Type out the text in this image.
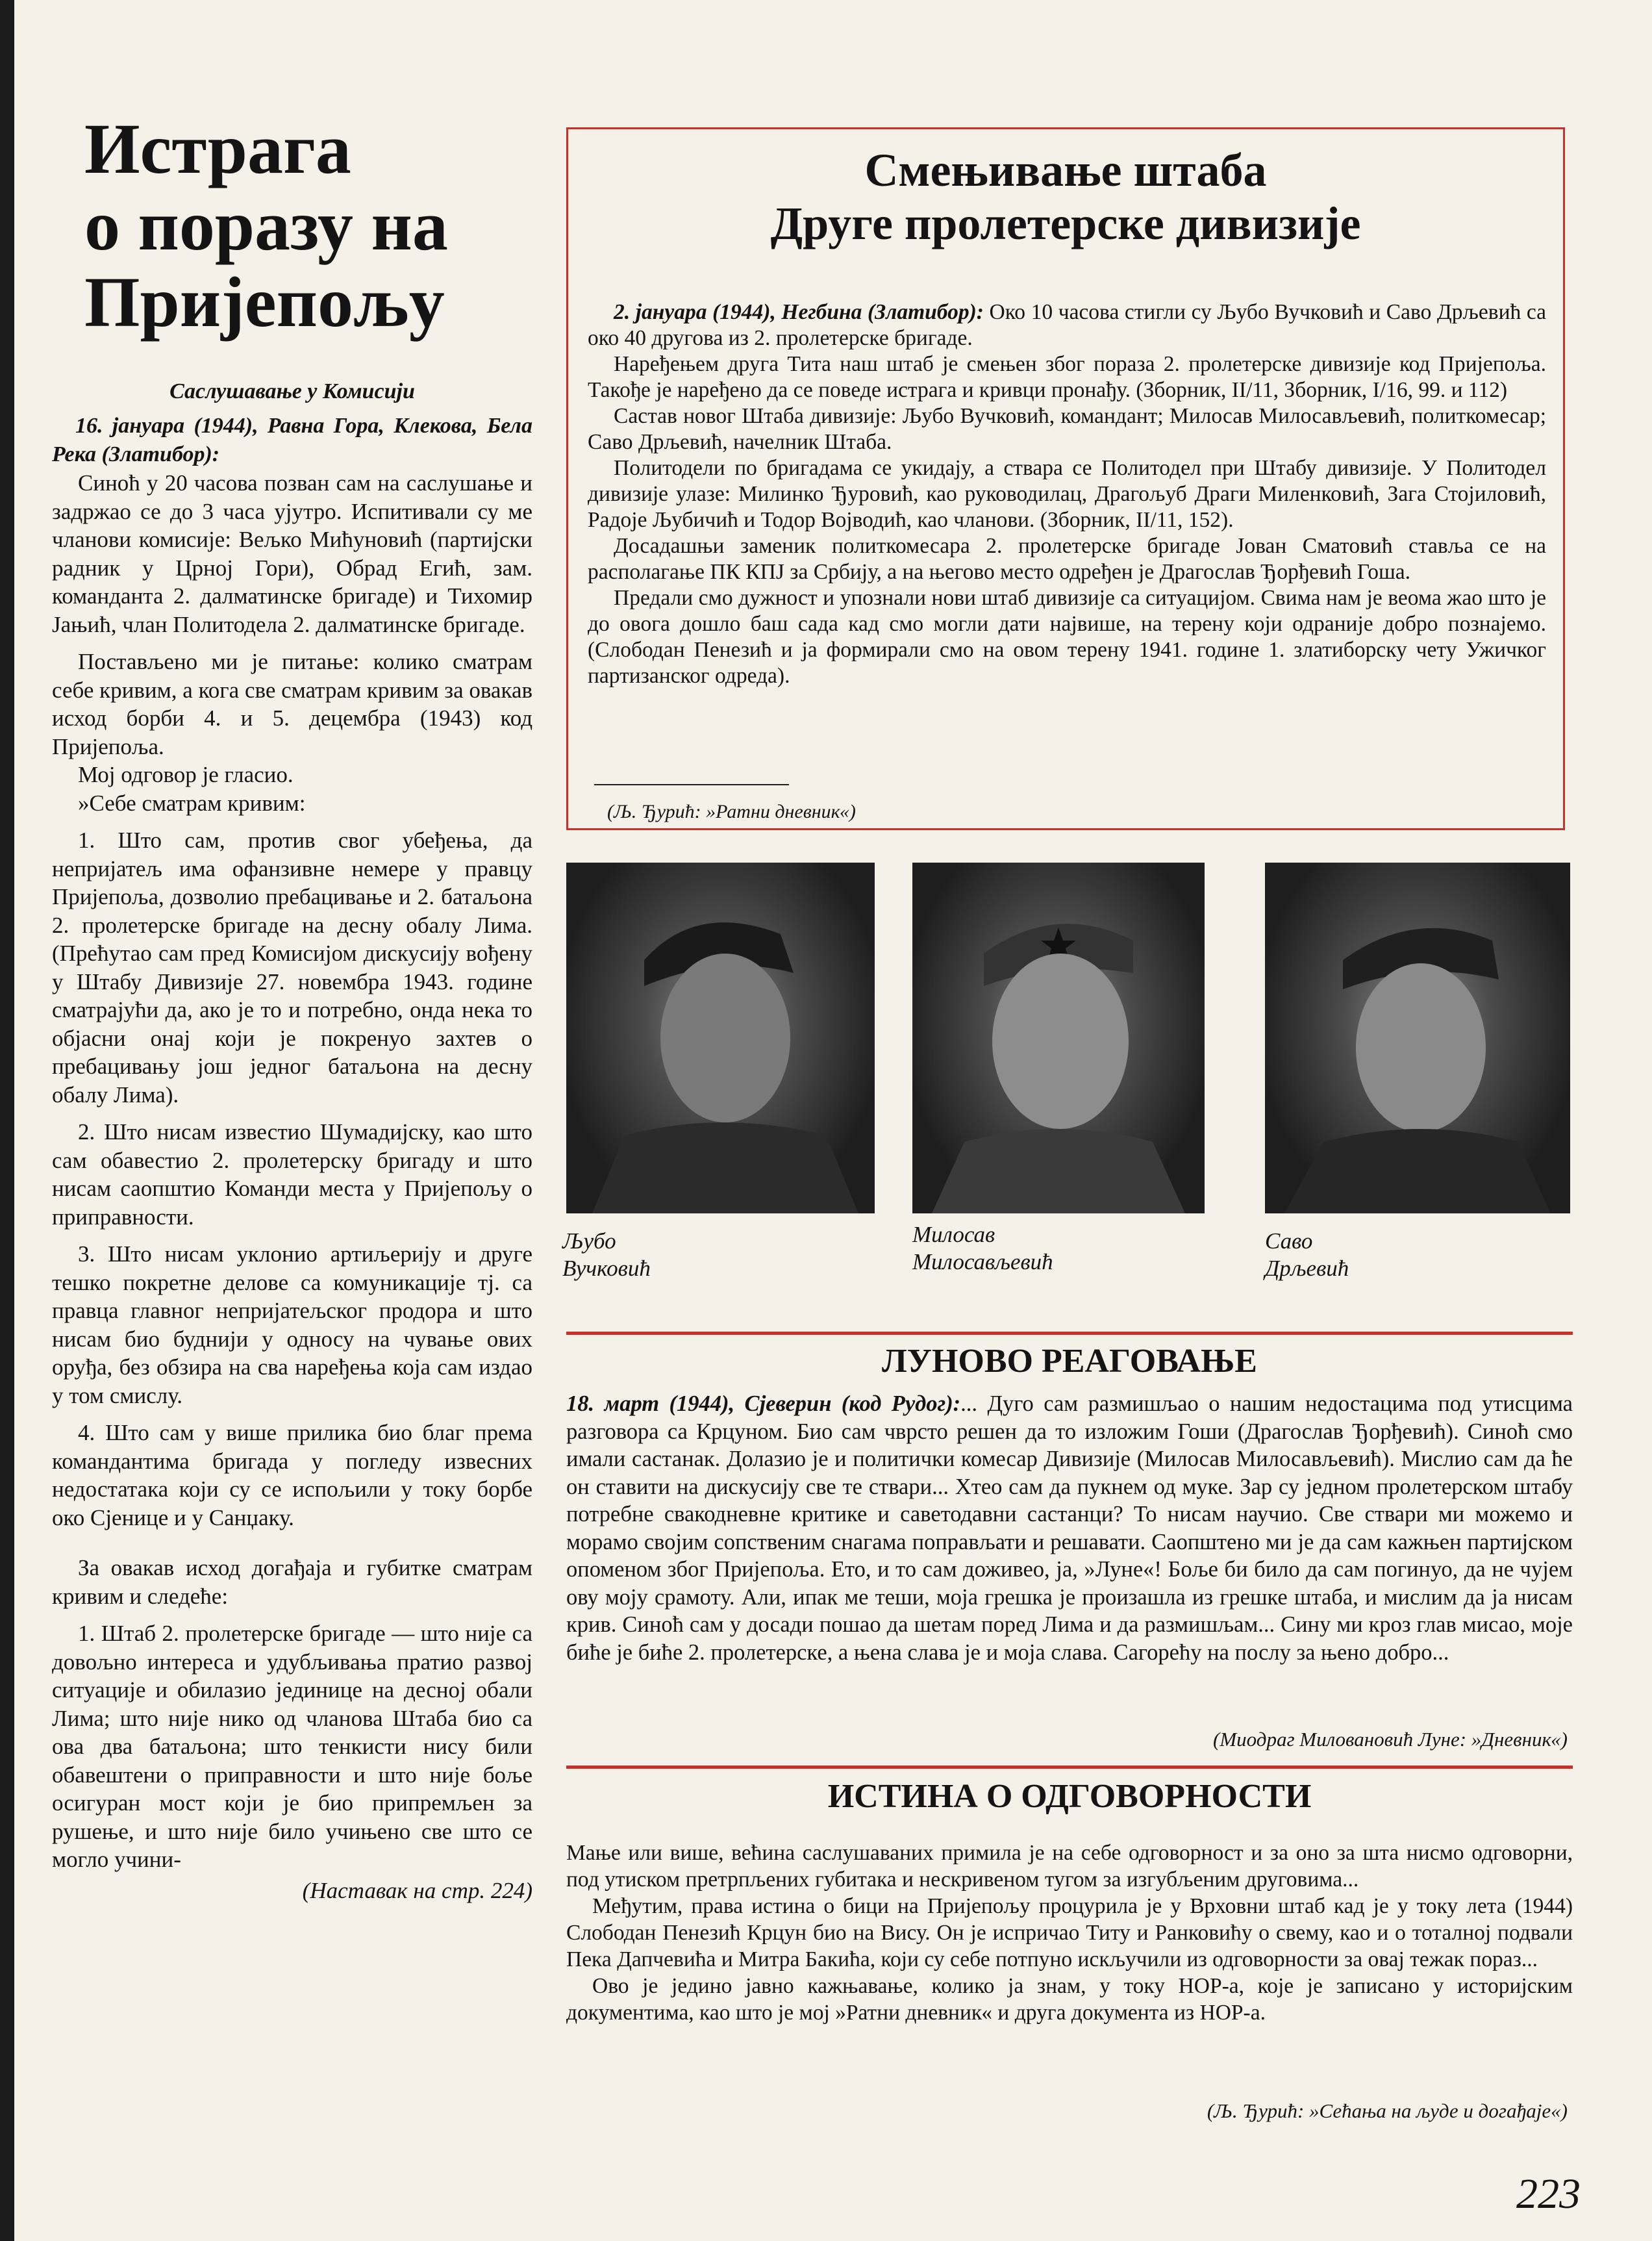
Истрага
о поразу на
Пријепољу

Саслушавање у Комисији

16. јануара (1944), Равна Гора, Клековa, Бела Река (Златибор):

Синоћ у 20 часова позван сам на саслушање и задржао се до 3 часа ујутро. Испитивали су ме чланови комисије: Вељко Мићуновић (партијски радник у Црној Гори), Обрад Егић, зам. команданта 2. далматинске бригаде) и Тихомир Јањић, члан Политодела 2. далматинске бригаде.

Постављено ми је питање: колико сматрам себе кривим, а кога све сматрам кривим за овакав исход борби 4. и 5. децембра (1943) код Пријепоља.

Мој одговор је гласио.

»Себе сматрам кривим:

1. Што сам, против свог убеђења, да непријатељ има офанзивне немере у правцу Пријепоља, дозволио пребацивање и 2. батаљона 2. пролетерске бригаде на десну обалу Лима. (Прећутао сам пред Комисијом дискусију вођену у Штабу Дивизије 27. новембра 1943. године сматрајући да, ако је то и потребно, онда нека то објасни онај који је покренуо захтев о пребацивању још једног батаљона на десну обалу Лима).

2. Што нисам известио Шумадијску, као што сам обавестио 2. пролетерску бригаду и што нисам саопштио Команди места у Пријепољу о приправности.

3. Што нисам уклонио артиљерију и друге тешко покретне делове са комуникације тј. са правца главног непријатељског продора и што нисам био буднији у односу на чување ових оруђа, без обзира на сва наређења која сам издао у том смислу.

4. Што сам у више прилика био благ према командантима бригада у погледу извесних недостатака који су се испољили у току борбе око Сјенице и у Санџаку.

За овакав исход догађаја и губитке сматрам кривим и следеће:

1. Штаб 2. пролетерске бригаде — што није са довољно интереса и удубљивања пратио развој ситуације и обилазио јединице на десној обали Лима; што није нико од чланова Штаба био са ова два батаљона; што тенкисти нису били обавештени о приправности и што није боље осигуран мост који је био припремљен за рушење, и што није било учињено све што се могло учини-

(Наставак на стр. 224)

Смењивање штаба
Друге пролетерске дивизије

2. јануара (1944), Негбина (Златибор): Око 10 часова стигли су Љубо Вучковић и Саво Дрљевић са око 40 другова из 2. пролетерске бригаде.

Наређењем друга Тита наш штаб је смењен због пораза 2. пролетерске дивизије код Пријепоља. Такође је наређено да се поведе истрага и кривци пронађу. (Зборник, II/11, Зборник, I/16, 99. и 112)

Састав новог Штаба дивизије: Љубо Вучковић, командант; Милосав Милосављевић, политкомесар; Саво Дрљевић, начелник Штаба.

Политодели по бригадама се укидају, а ствара се Политодел при Штабу дивизије. У Политодел дивизије улазе: Милинко Ђуровић, као руководилац, Драгољуб Драги Миленковић, Зага Стојиловић, Радоје Љубичић и Тодор Војводић, као чланови. (Зборник, II/11, 152).

Досадашњи заменик политкомесара 2. пролетерске бригаде Јован Сматовић ставља се на располагање ПК КПЈ за Србију, а на његово место одређен је Драгослав Ђорђевић Гоша.

Предали смо дужност и упознали нови штаб дивизије са ситуацијом. Свима нам је веома жао што је до овога дошло баш сада кад смо могли дати највише, на терену који одраније добро познајемо. (Слободан Пенезић и ја формирали смо на овом терену 1941. године 1. златиборску чету Ужичког партизанског одреда).

(Љ. Ђурић: »Ратни дневник«)
Љубо
Вучковић
Милосав
Милосављевић
Саво
Дрљевић
ЛУНОВО РЕАГОВАЊЕ

18. март (1944), Сјеверин (код Рудог):... Дуго сам размишљао о нашим недостацима под утисцима разговора са Крцуном. Био сам чврсто решен да то изложим Гоши (Драгослав Ђорђевић). Синоћ смо имали састанак. Долазио је и политички комесар Дивизије (Милосав Милосављевић). Мислио сам да ће он ставити на дискусију све те ствари... Хтео сам да пукнем од муке. Зар су једном пролетерском штабу потребне свакодневне критике и саветодавни састанци? То нисам научио. Све ствари ми можемо и морамо својим сопственим снагама поправљати и решавати. Саопштено ми је да сам кажњен партијском опоменом због Пријепоља. Ето, и то сам доживео, ја, »Луне«! Боље би било да сам погинуо, да не чујем ову моју срамоту. Али, ипак ме теши, моја грешка је произашла из грешке штаба, и мислим да ја нисам крив. Синоћ сам у досади пошао да шетам поред Лима и да размишљам... Сину ми кроз глав мисао, моје биће је биће 2. пролетерске, а њена слава је и моја слава. Сагорећу на послу за њено добро...

(Миодраг Миловановић Луне: »Дневник«)
ИСТИНА О ОДГОВОРНОСТИ

Мање или више, већина саслушаваних примила је на себе одговорност и за оно за шта нисмо одговорни, под утиском претрпљених губитака и нескривеном тугом за изгубљеним друговима...

Међутим, права истина о бици на Пријепољу процурила је у Врховни штаб кад је у току лета (1944) Слободан Пенезић Крцун био на Вису. Он је испричао Титу и Ранковићу о свему, као и о тоталној подвали Пека Дапчевића и Митра Бакића, који су себе потпуно искључили из одговорности за овај тежак пораз...

Ово је једино јавно кажњавање, колико ја знам, у току НОР-а, које је записано у историјским документима, као што је мој »Ратни дневник« и друга документа из НОР-а.

(Љ. Ђурић: »Сећања на људе и догађаје«)
223
